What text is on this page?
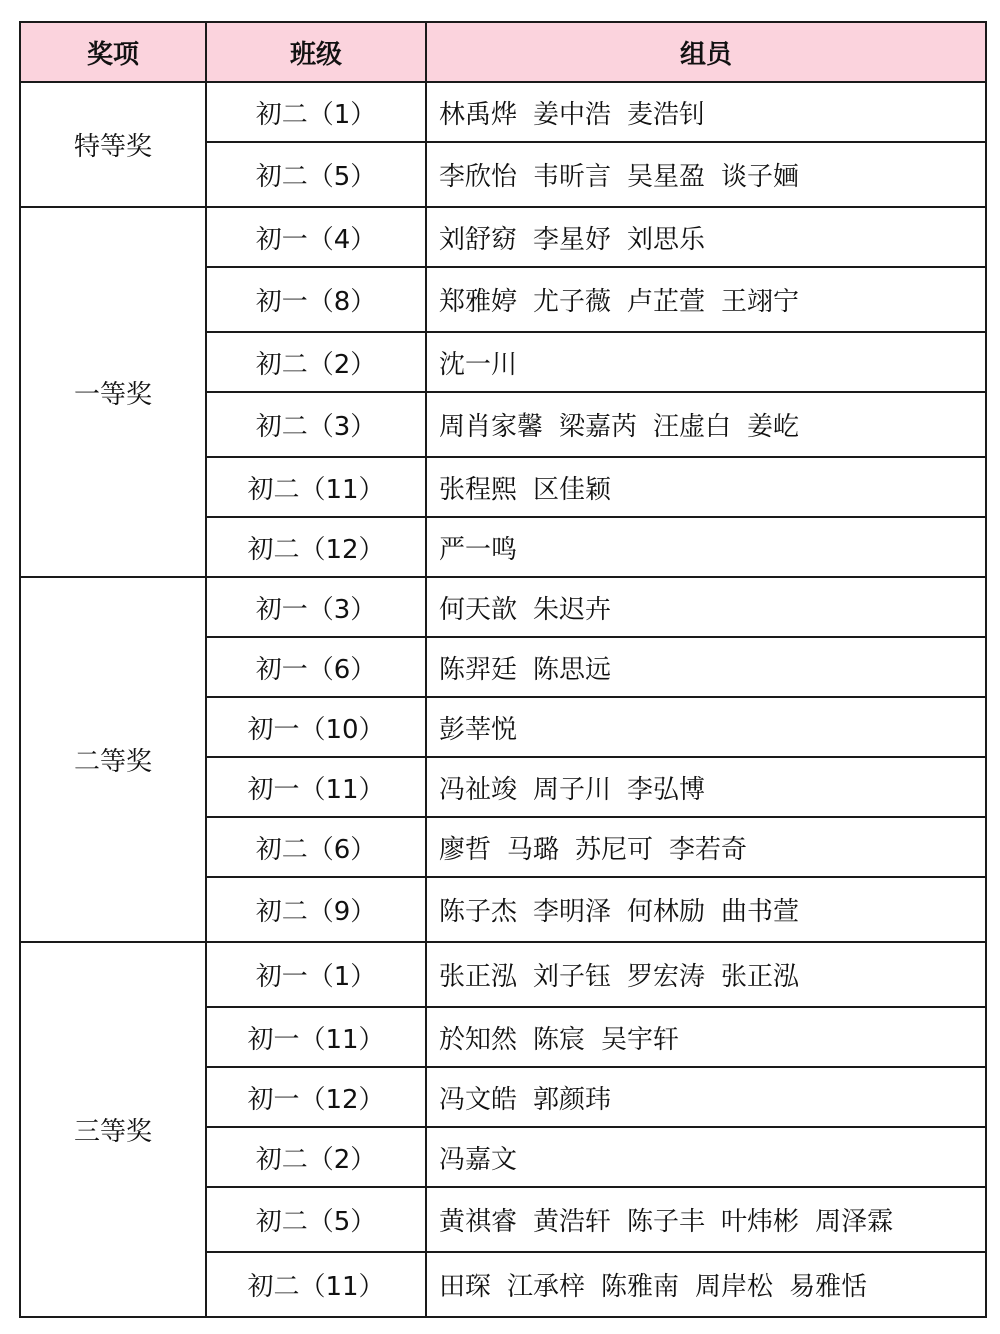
奖项	班级	组员
特等奖	初二（1）	林禹烨 姜中浩 麦浩钊
	初二（5）	李欣怡 韦昕言 吴星盈 谈子婳
一等奖	初一（4）	刘舒窈 李星妤 刘思乐
	初一（8）	郑雅婷 尤子薇 卢芷萱 王翊宁
	初二（2）	沈一川
	初二（3）	周肖家馨 梁嘉芮 汪虚白 姜屹
	初二（11）	张程熙 区佳颖
	初二（12）	严一鸣
二等奖	初一（3）	何天歆 朱迟卉
	初一（6）	陈羿廷 陈思远
	初一（10）	彭莘悦
	初一（11）	冯祉竣 周子川 李弘博
	初二（6）	廖哲 马璐 苏尼可 李若奇
	初二（9）	陈子杰 李明泽 何林励 曲书萱
三等奖	初一（1）	张正泓 刘子钰 罗宏涛 张正泓
	初一（11）	於知然 陈宸 吴宇轩
	初一（12）	冯文皓 郭颜玮
	初二（2）	冯嘉文
	初二（5）	黄祺睿 黄浩轩 陈子丰 叶炜彬 周泽霖
	初二（11）	田琛 江承梓 陈雅南 周岸松 易雅恬
